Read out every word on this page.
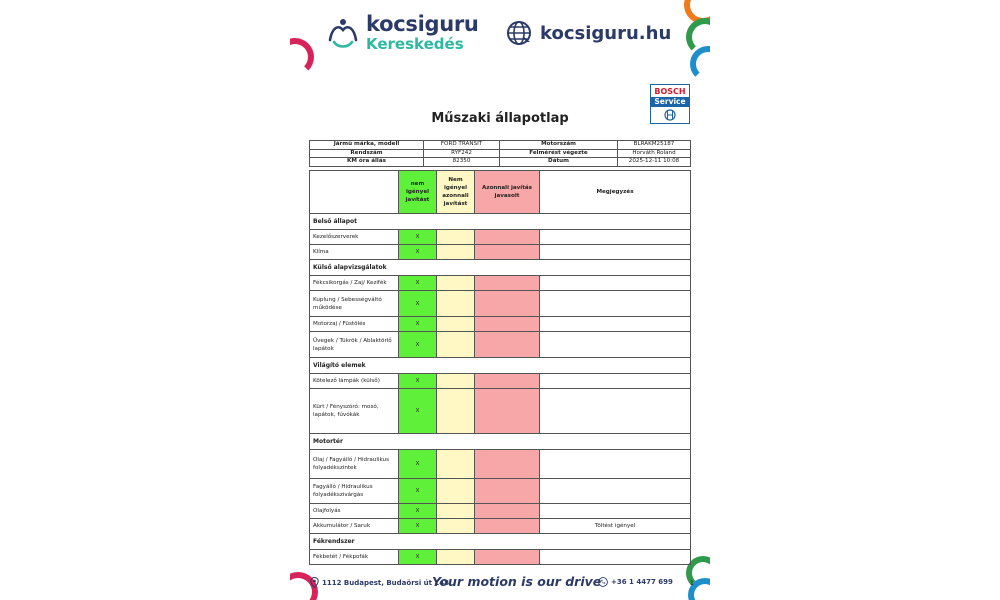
kocsiguru
Kereskedés
kocsiguru.hu
BOSCH
Service
Műszaki állapotlap
Jármű márka, modell	FORD TRANSIT	Motorszám	BLRAKM25187
Rendszám	RYF242	Felmérést végezte	Horváth Roland
KM óra állás	82350	Dátum	2025-12-11 10:08
	nem igényel javítást	Nem igényel azonnali javítást	Azonnali javítás javasolt	Megjegyzés
Belső állapot				
Kezelőszerverek	X			
Klíma	X			
Külső alapvizsgálatok				
Fékcsikorgás / Zaj/ Kezifék	X			
Kuplung / Sebességváltó működése	X			
Motorzaj / Füstölés	X			
Üvegek / Tükrök / Ablaktörlő lapátok	X			
Világító elemek				
Kötelező lámpák (külső)	X			
Kürt / Fényszóró: mosó, lapátok, fúvókák	X			
Motortér				
Olaj / Fagyálló / Hidraulikus folyadékszintek	X			
Fagyálló / Hidraulikus folyadékszivárgás	X			
Olajfolyás	X			
Akkumulátor / Saruk	X			Töltést igényel
Fékrendszer				
Fékbetét / Fékpofák	X			
1112 Budapest, Budaörsi út 148.
Your motion is our drive +36 1 4477 699	1
